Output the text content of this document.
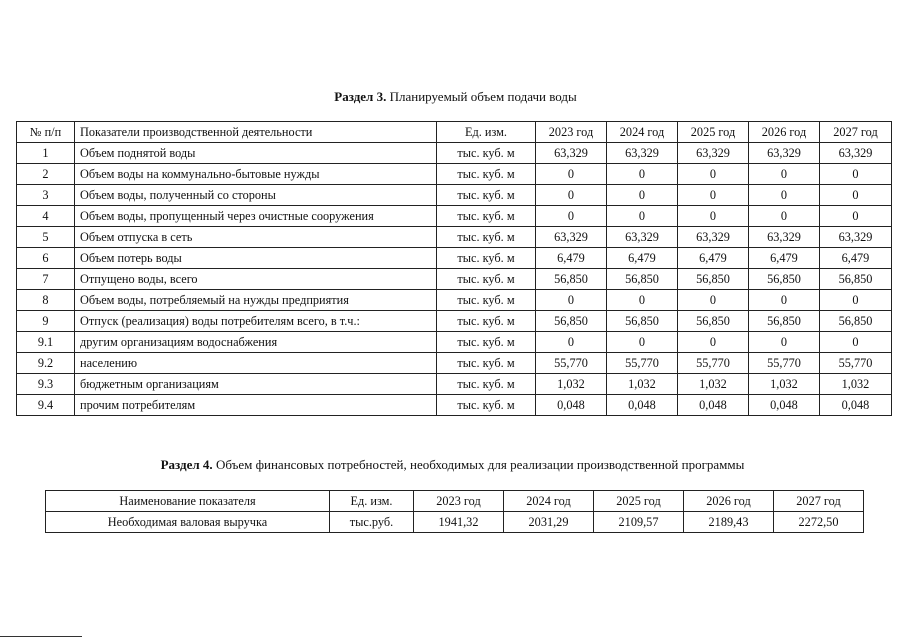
Раздел 3. Планируемый объем подачи воды
№ п/п	Показатели производственной деятельности	Ед. изм.	2023 год	2024 год	2025 год	2026 год	2027 год
1	Объем поднятой воды	тыс. куб. м	63,329	63,329	63,329	63,329	63,329
2	Объем воды на коммунально-бытовые нужды	тыс. куб. м	0	0	0	0	0
3	Объем воды, полученный со стороны	тыс. куб. м	0	0	0	0	0
4	Объем воды, пропущенный через очистные сооружения	тыс. куб. м	0	0	0	0	0
5	Объем отпуска в сеть	тыс. куб. м	63,329	63,329	63,329	63,329	63,329
6	Объем потерь воды	тыс. куб. м	6,479	6,479	6,479	6,479	6,479
7	Отпущено воды, всего	тыс. куб. м	56,850	56,850	56,850	56,850	56,850
8	Объем воды, потребляемый на нужды предприятия	тыс. куб. м	0	0	0	0	0
9	Отпуск (реализация) воды потребителям всего, в т.ч.:	тыс. куб. м	56,850	56,850	56,850	56,850	56,850
9.1	другим организациям водоснабжения	тыс. куб. м	0	0	0	0	0
9.2	населению	тыс. куб. м	55,770	55,770	55,770	55,770	55,770
9.3	бюджетным организациям	тыс. куб. м	1,032	1,032	1,032	1,032	1,032
9.4	прочим потребителям	тыс. куб. м	0,048	0,048	0,048	0,048	0,048
Раздел 4. Объем финансовых потребностей, необходимых для реализации производственной программы
Наименование показателя	Ед. изм.	2023 год	2024 год	2025 год	2026 год	2027 год
Необходимая валовая выручка	тыс.руб.	1941,32	2031,29	2109,57	2189,43	2272,50
